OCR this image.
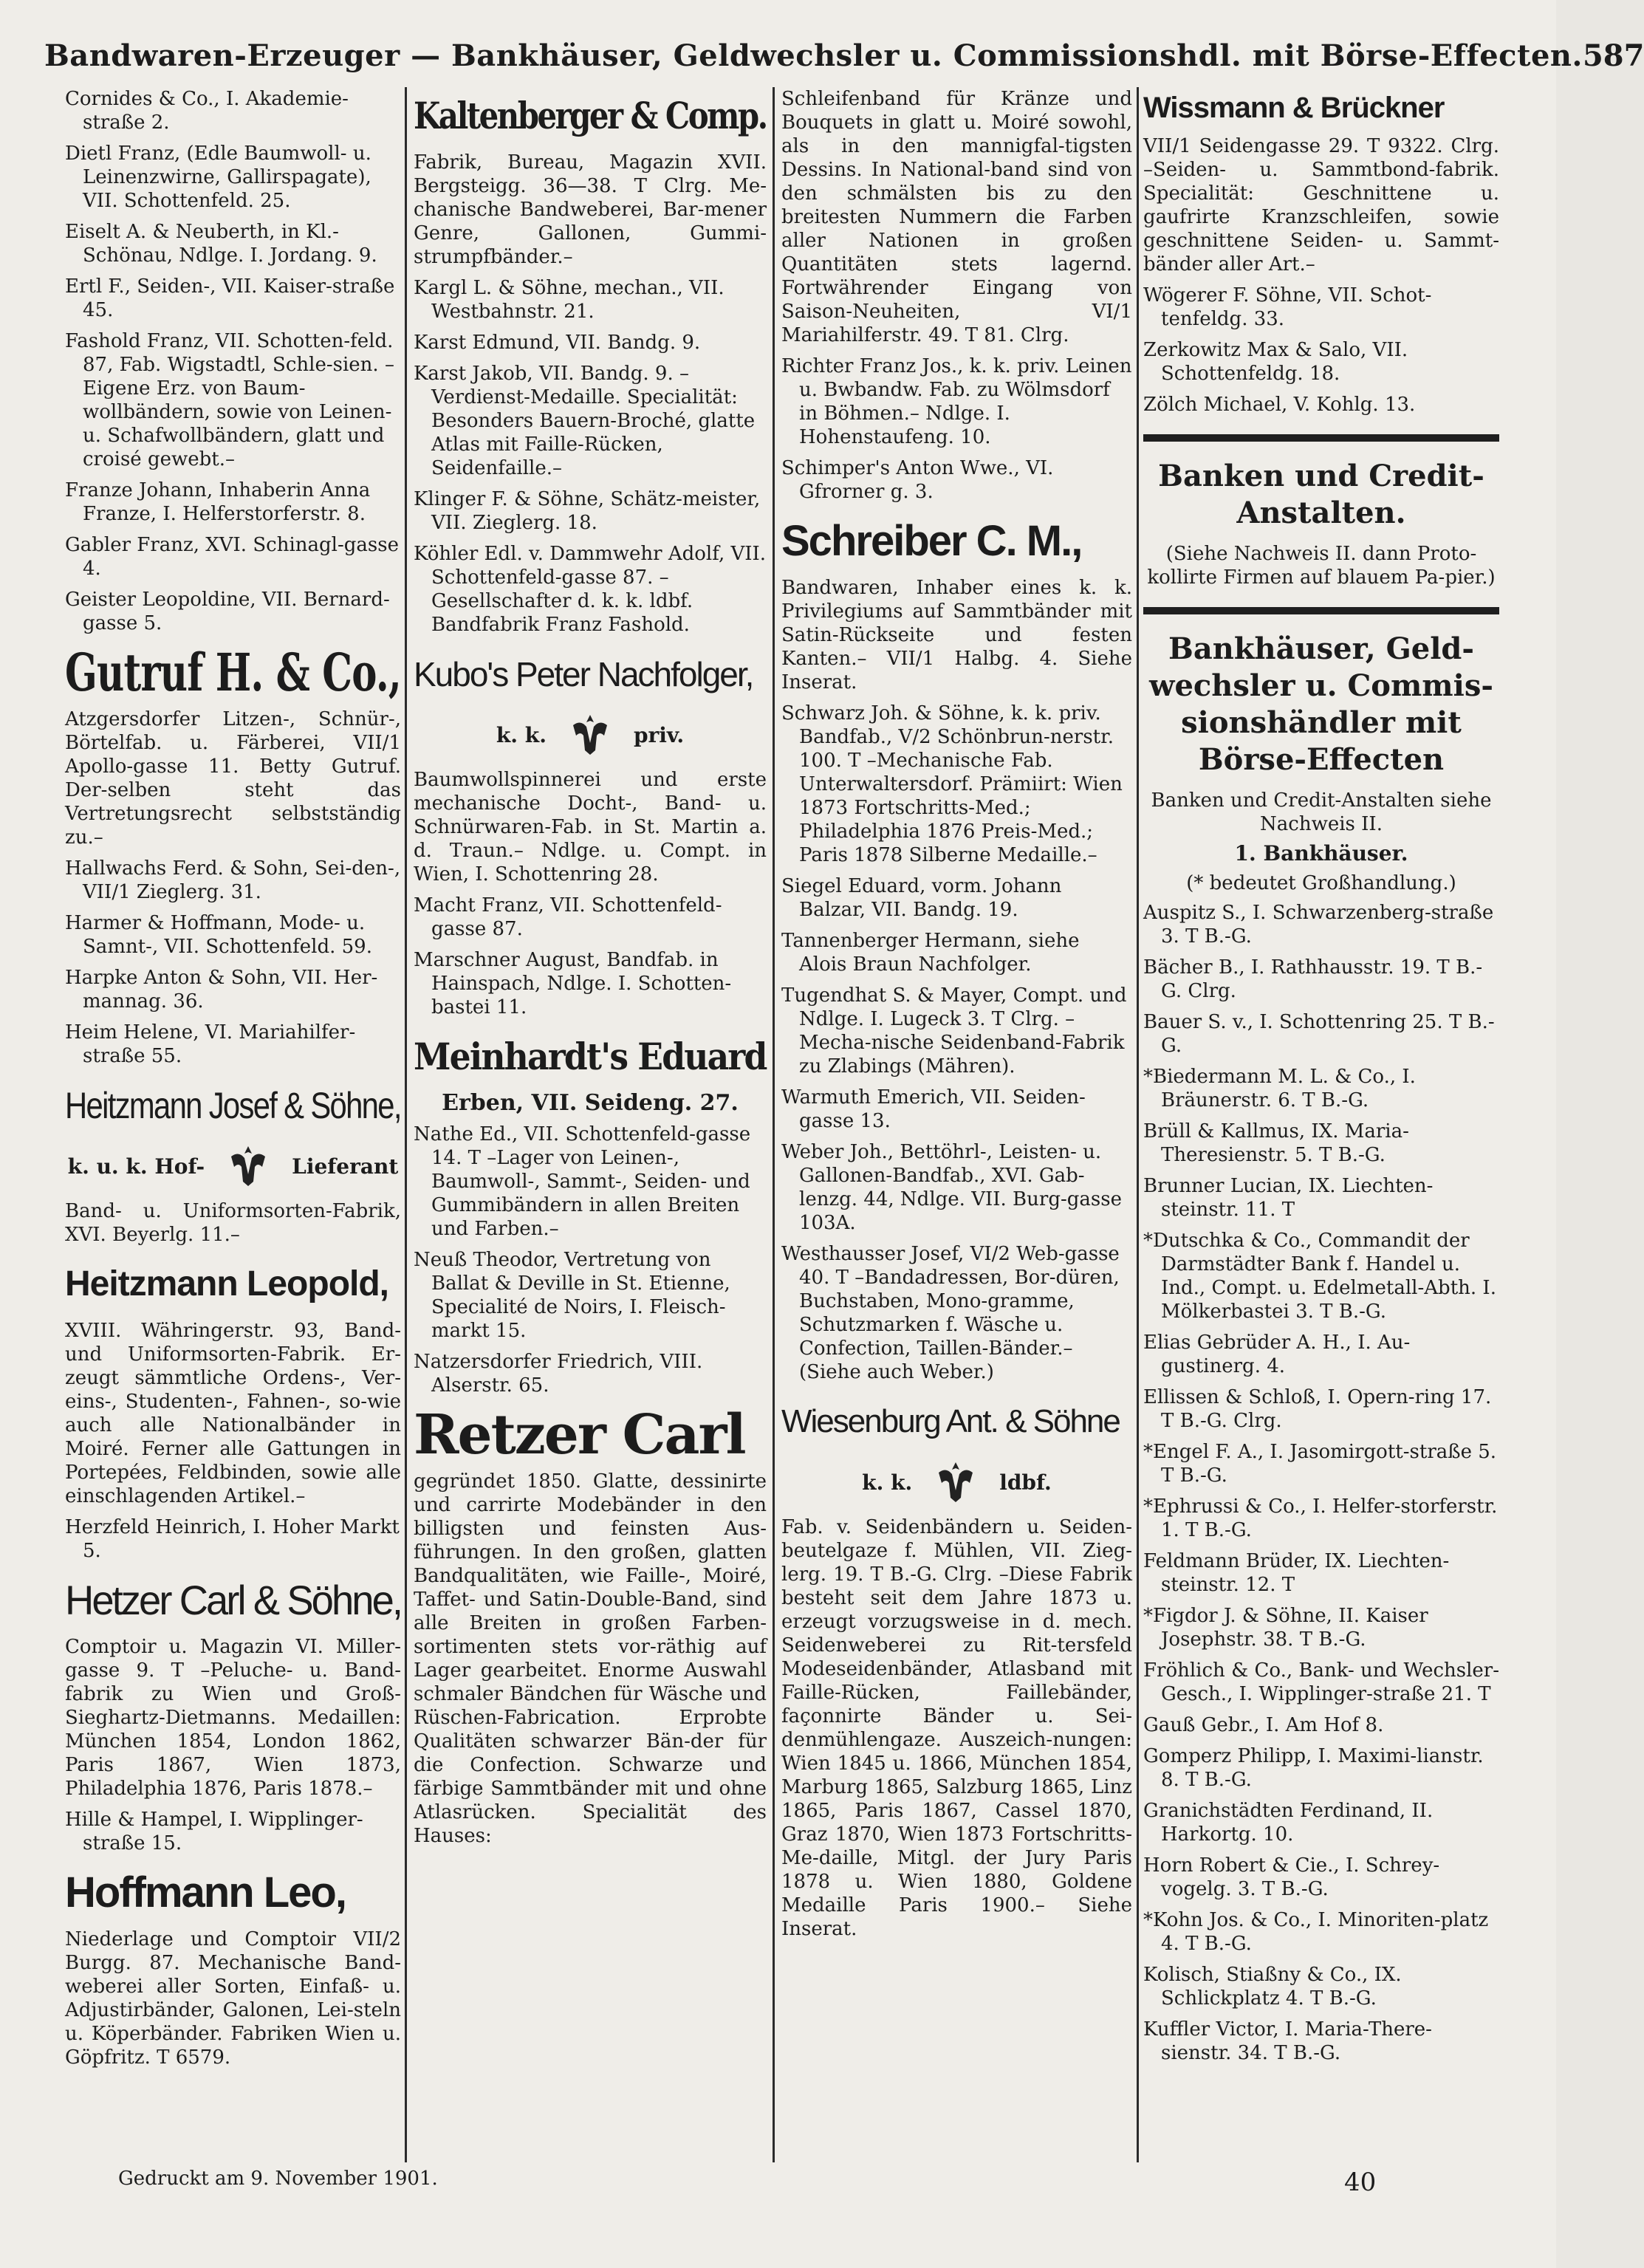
Bandwaren-Erzeuger — Bankhäuser, Geldwechsler u. Commissionshdl. mit Börse-Effecten. 587

Cornides & Co., I. Akademie-straße 2.

Dietl Franz, (Edle Baumwoll- u. Leinenzwirne, Gallirspagate), VII. Schottenfeld. 25.

Eiselt A. & Neuberth, in Kl.-Schönau, Ndlge. I. Jordang. 9.

Ertl F., Seiden-, VII. Kaiser-straße 45.

Fashold Franz, VII. Schotten-feld. 87, Fab. Wigstadtl, Schle-sien. –Eigene Erz. von Baum-wollbändern, sowie von Leinen- u. Schafwollbändern, glatt und croisé gewebt.–

Franze Johann, Inhaberin Anna Franze, I. Helferstorferstr. 8.

Gabler Franz, XVI. Schinagl-gasse 4.

Geister Leopoldine, VII. Bernard-gasse 5.

Gutruf H. & Co.,

Atzgersdorfer Litzen-, Schnür-, Börtelfab. u. Färberei, VII/1 Apollo-gasse 11. Betty Gutruf. Der-selben steht das Vertretungsrecht selbstständig zu.–

Hallwachs Ferd. & Sohn, Sei-den-, VII/1 Zieglerg. 31.

Harmer & Hoffmann, Mode- u. Samnt-, VII. Schottenfeld. 59.

Harpke Anton & Sohn, VII. Her-mannag. 36.

Heim Helene, VI. Mariahilfer-straße 55.

Heitzmann Josef & Söhne,
k. u. k. Hof-	Lieferant

Band- u. Uniformsorten-Fabrik, XVI. Beyerlg. 11.–

Heitzmann Leopold,

XVIII. Währingerstr. 93, Band- und Uniformsorten-Fabrik. Er-zeugt sämmtliche Ordens-, Ver-eins-, Studenten-, Fahnen-, so-wie auch alle Nationalbänder in Moiré. Ferner alle Gattungen in Portepées, Feldbinden, sowie alle einschlagenden Artikel.–

Herzfeld Heinrich, I. Hoher Markt 5.

Hetzer Carl & Söhne,

Comptoir u. Magazin VI. Miller-gasse 9. T –Peluche- u. Band-fabrik zu Wien und Groß-Sieghartz-Dietmanns. Medaillen: München 1854, London 1862, Paris 1867, Wien 1873, Philadelphia 1876, Paris 1878.–

Hille & Hampel, I. Wipplinger-straße 15.

Hoffmann Leo,

Niederlage und Comptoir VII/2 Burgg. 87. Mechanische Band-weberei aller Sorten, Einfaß- u. Adjustirbänder, Galonen, Lei-steln u. Köperbänder. Fabriken Wien u. Göpfritz. T 6579.

Kaltenberger & Comp.

Fabrik, Bureau, Magazin XVII. Bergsteigg. 36—38. T Clrg. Me-chanische Bandweberei, Bar-mener Genre, Gallonen, Gummi-strumpfbänder.–

Kargl L. & Söhne, mechan., VII. Westbahnstr. 21.

Karst Edmund, VII. Bandg. 9.

Karst Jakob, VII. Bandg. 9. –Verdienst-Medaille. Specialität: Besonders Bauern-Broché, glatte Atlas mit Faille-Rücken, Seidenfaille.–

Klinger F. & Söhne, Schätz-meister, VII. Zieglerg. 18.

Köhler Edl. v. Dammwehr Adolf, VII. Schottenfeld-gasse 87. –Gesellschafter d. k. k. ldbf. Bandfabrik Franz Fashold.

Kubo's Peter Nachfolger,
k. k.	priv.

Baumwollspinnerei und erste mechanische Docht-, Band- u. Schnürwaren-Fab. in St. Martin a. d. Traun.– Ndlge. u. Compt. in Wien, I. Schottenring 28.

Macht Franz, VII. Schottenfeld-gasse 87.

Marschner August, Bandfab. in Hainspach, Ndlge. I. Schotten-bastei 11.

Meinhardt's Eduard

Erben, VII. Seideng. 27.

Nathe Ed., VII. Schottenfeld-gasse 14. T –Lager von Leinen-, Baumwoll-, Sammt-, Seiden- und Gummibändern in allen Breiten und Farben.–

Neuß Theodor, Vertretung von Ballat & Deville in St. Etienne, Specialité de Noirs, I. Fleisch-markt 15.

Natzersdorfer Friedrich, VIII. Alserstr. 65.

Retzer Carl

gegründet 1850. Glatte, dessinirte und carrirte Modebänder in den billigsten und feinsten Aus-führungen. In den großen, glatten Bandqualitäten, wie Faille-, Moiré, Taffet- und Satin-Double-Band, sind alle Breiten in großen Farben-sortimenten stets vor-räthig auf Lager gearbeitet. Enorme Auswahl schmaler Bändchen für Wäsche und Rüschen-Fabrication. Erprobte Qualitäten schwarzer Bän-der für die Confection. Schwarze und färbige Sammtbänder mit und ohne Atlasrücken. Specialität des Hauses:

Schleifenband für Kränze und Bouquets in glatt u. Moiré sowohl, als in den mannigfal-tigsten Dessins. In National-band sind von den schmälsten bis zu den breitesten Nummern die Farben aller Nationen in großen Quantitäten stets lagernd. Fortwährender Eingang von Saison-Neuheiten, VI/1 Mariahilferstr. 49. T 81. Clrg.

Richter Franz Jos., k. k. priv. Leinen u. Bwbandw. Fab. zu Wölmsdorf in Böhmen.– Ndlge. I. Hohenstaufeng. 10.

Schimper's Anton Wwe., VI. Gfrorner g. 3.

Schreiber C. M.,

Bandwaren, Inhaber eines k. k. Privilegiums auf Sammtbänder mit Satin-Rückseite und festen Kanten.– VII/1 Halbg. 4. Siehe Inserat.

Schwarz Joh. & Söhne, k. k. priv. Bandfab., V/2 Schönbrun-nerstr. 100. T –Mechanische Fab. Unterwaltersdorf. Prämiirt: Wien 1873 Fortschritts-Med.; Philadelphia 1876 Preis-Med.; Paris 1878 Silberne Medaille.–

Siegel Eduard, vorm. Johann Balzar, VII. Bandg. 19.

Tannenberger Hermann, siehe Alois Braun Nachfolger.

Tugendhat S. & Mayer, Compt. und Ndlge. I. Lugeck 3. T Clrg. –Mecha-nische Seidenband-Fabrik zu Zlabings (Mähren).

Warmuth Emerich, VII. Seiden-gasse 13.

Weber Joh., Bettöhrl-, Leisten- u. Gallonen-Bandfab., XVI. Gab-lenzg. 44, Ndlge. VII. Burg-gasse 103A.

Westhausser Josef, VI/2 Web-gasse 40. T –Bandadressen, Bor-düren, Buchstaben, Mono-gramme, Schutzmarken f. Wäsche u. Confection, Taillen-Bänder.– (Siehe auch Weber.)

Wiesenburg Ant. & Söhne
k. k.	ldbf.

Fab. v. Seidenbändern u. Seiden-beutelgaze f. Mühlen, VII. Zieg-lerg. 19. T B.-G. Clrg. –Diese Fabrik besteht seit dem Jahre 1873 u. erzeugt vorzugsweise in d. mech. Seidenweberei zu Rit-tersfeld Modeseidenbänder, Atlasband mit Faille-Rücken, Faillebänder, façonnirte Bänder u. Sei-denmühlengaze. Auszeich-nungen: Wien 1845 u. 1866, München 1854, Marburg 1865, Salzburg 1865, Linz 1865, Paris 1867, Cassel 1870, Graz 1870, Wien 1873 Fortschritts-Me-daille, Mitgl. der Jury Paris 1878 u. Wien 1880, Goldene Medaille Paris 1900.– Siehe Inserat.

Wissmann & Brückner

VII/1 Seidengasse 29. T 9322. Clrg. –Seiden- u. Sammtbond-fabrik. Specialität: Geschnittene u. gaufrirte Kranzschleifen, sowie geschnittene Seiden- u. Sammt-bänder aller Art.–

Wögerer F. Söhne, VII. Schot-tenfeldg. 33.

Zerkowitz Max & Salo, VII. Schottenfeldg. 18.

Zölch Michael, V. Kohlg. 13.

Banken und Credit-Anstalten.

(Siehe Nachweis II. dann Proto-kollirte Firmen auf blauem Pa-pier.)

Bankhäuser, Geld-wechsler u. Commis-sionshändler mit Börse-Effecten

Banken und Credit-Anstalten siehe Nachweis II.

1. Bankhäuser.

(* bedeutet Großhandlung.)

Auspitz S., I. Schwarzenberg-straße 3. T B.-G.

Bächer B., I. Rathhausstr. 19. T B.-G. Clrg.

Bauer S. v., I. Schottenring 25. T B.-G.

*Biedermann M. L. & Co., I. Bräunerstr. 6. T B.-G.

Brüll & Kallmus, IX. Maria-Theresienstr. 5. T B.-G.

Brunner Lucian, IX. Liechten-steinstr. 11. T

*Dutschka & Co., Commandit der Darmstädter Bank f. Handel u. Ind., Compt. u. Edelmetall-Abth. I. Mölkerbastei 3. T B.-G.

Elias Gebrüder A. H., I. Au-gustinerg. 4.

Ellissen & Schloß, I. Opern-ring 17. T B.-G. Clrg.

*Engel F. A., I. Jasomirgott-straße 5. T B.-G.

*Ephrussi & Co., I. Helfer-storferstr. 1. T B.-G.

Feldmann Brüder, IX. Liechten-steinstr. 12. T

*Figdor J. & Söhne, II. Kaiser Josephstr. 38. T B.-G.

Fröhlich & Co., Bank- und Wechsler-Gesch., I. Wipplinger-straße 21. T

Gauß Gebr., I. Am Hof 8.

Gomperz Philipp, I. Maximi-lianstr. 8. T B.-G.

Granichstädten Ferdinand, II. Harkortg. 10.

Horn Robert & Cie., I. Schrey-vogelg. 3. T B.-G.

*Kohn Jos. & Co., I. Minoriten-platz 4. T B.-G.

Kolisch, Stiaßny & Co., IX. Schlickplatz 4. T B.-G.

Kuffler Victor, I. Maria-There-sienstr. 34. T B.-G.

Gedruckt am 9. November 1901.	40
